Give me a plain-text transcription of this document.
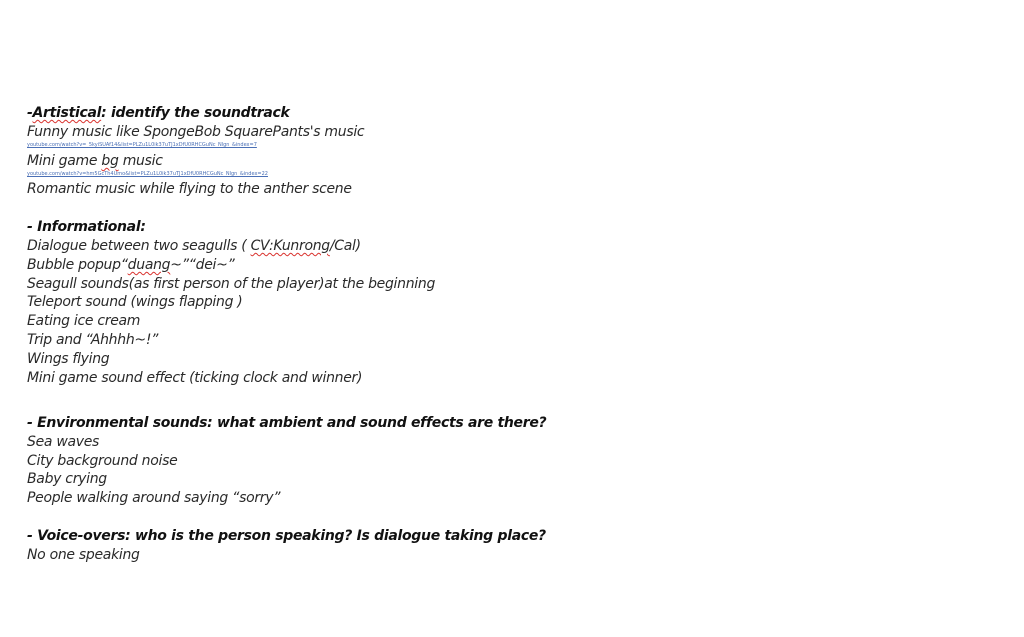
-Artistical: identify the soundtrack
Funny music like SpongeBob SquarePants's music
youtube.com/watch?v=_5kyiSUAf14&list=PLZu1L0ik37uTJ1xDfU0RHCGuNc_Nlgn_&index=7
Mini game bg music
youtube.com/watch?v=hm5GcTh4Umo&list=PLZu1L0ik37uTJ1xDfU0RHCGuNc_Nlgn_&index=22
Romantic music while flying to the anther scene
- Informational:
Dialogue between two seagulls ( CV:Kunrong/Cal)
Bubble popup“duang~”“dei~”
Seagull sounds(as first person of the player)at the beginning
Teleport sound (wings flapping )
Eating ice cream
Trip and “Ahhhh~!”
Wings flying
Mini game sound effect (ticking clock and winner)
- Environmental sounds: what ambient and sound effects are there?
Sea waves
City background noise
Baby crying
People walking around saying “sorry”
- Voice-overs: who is the person speaking? Is dialogue taking place?
No one speaking
